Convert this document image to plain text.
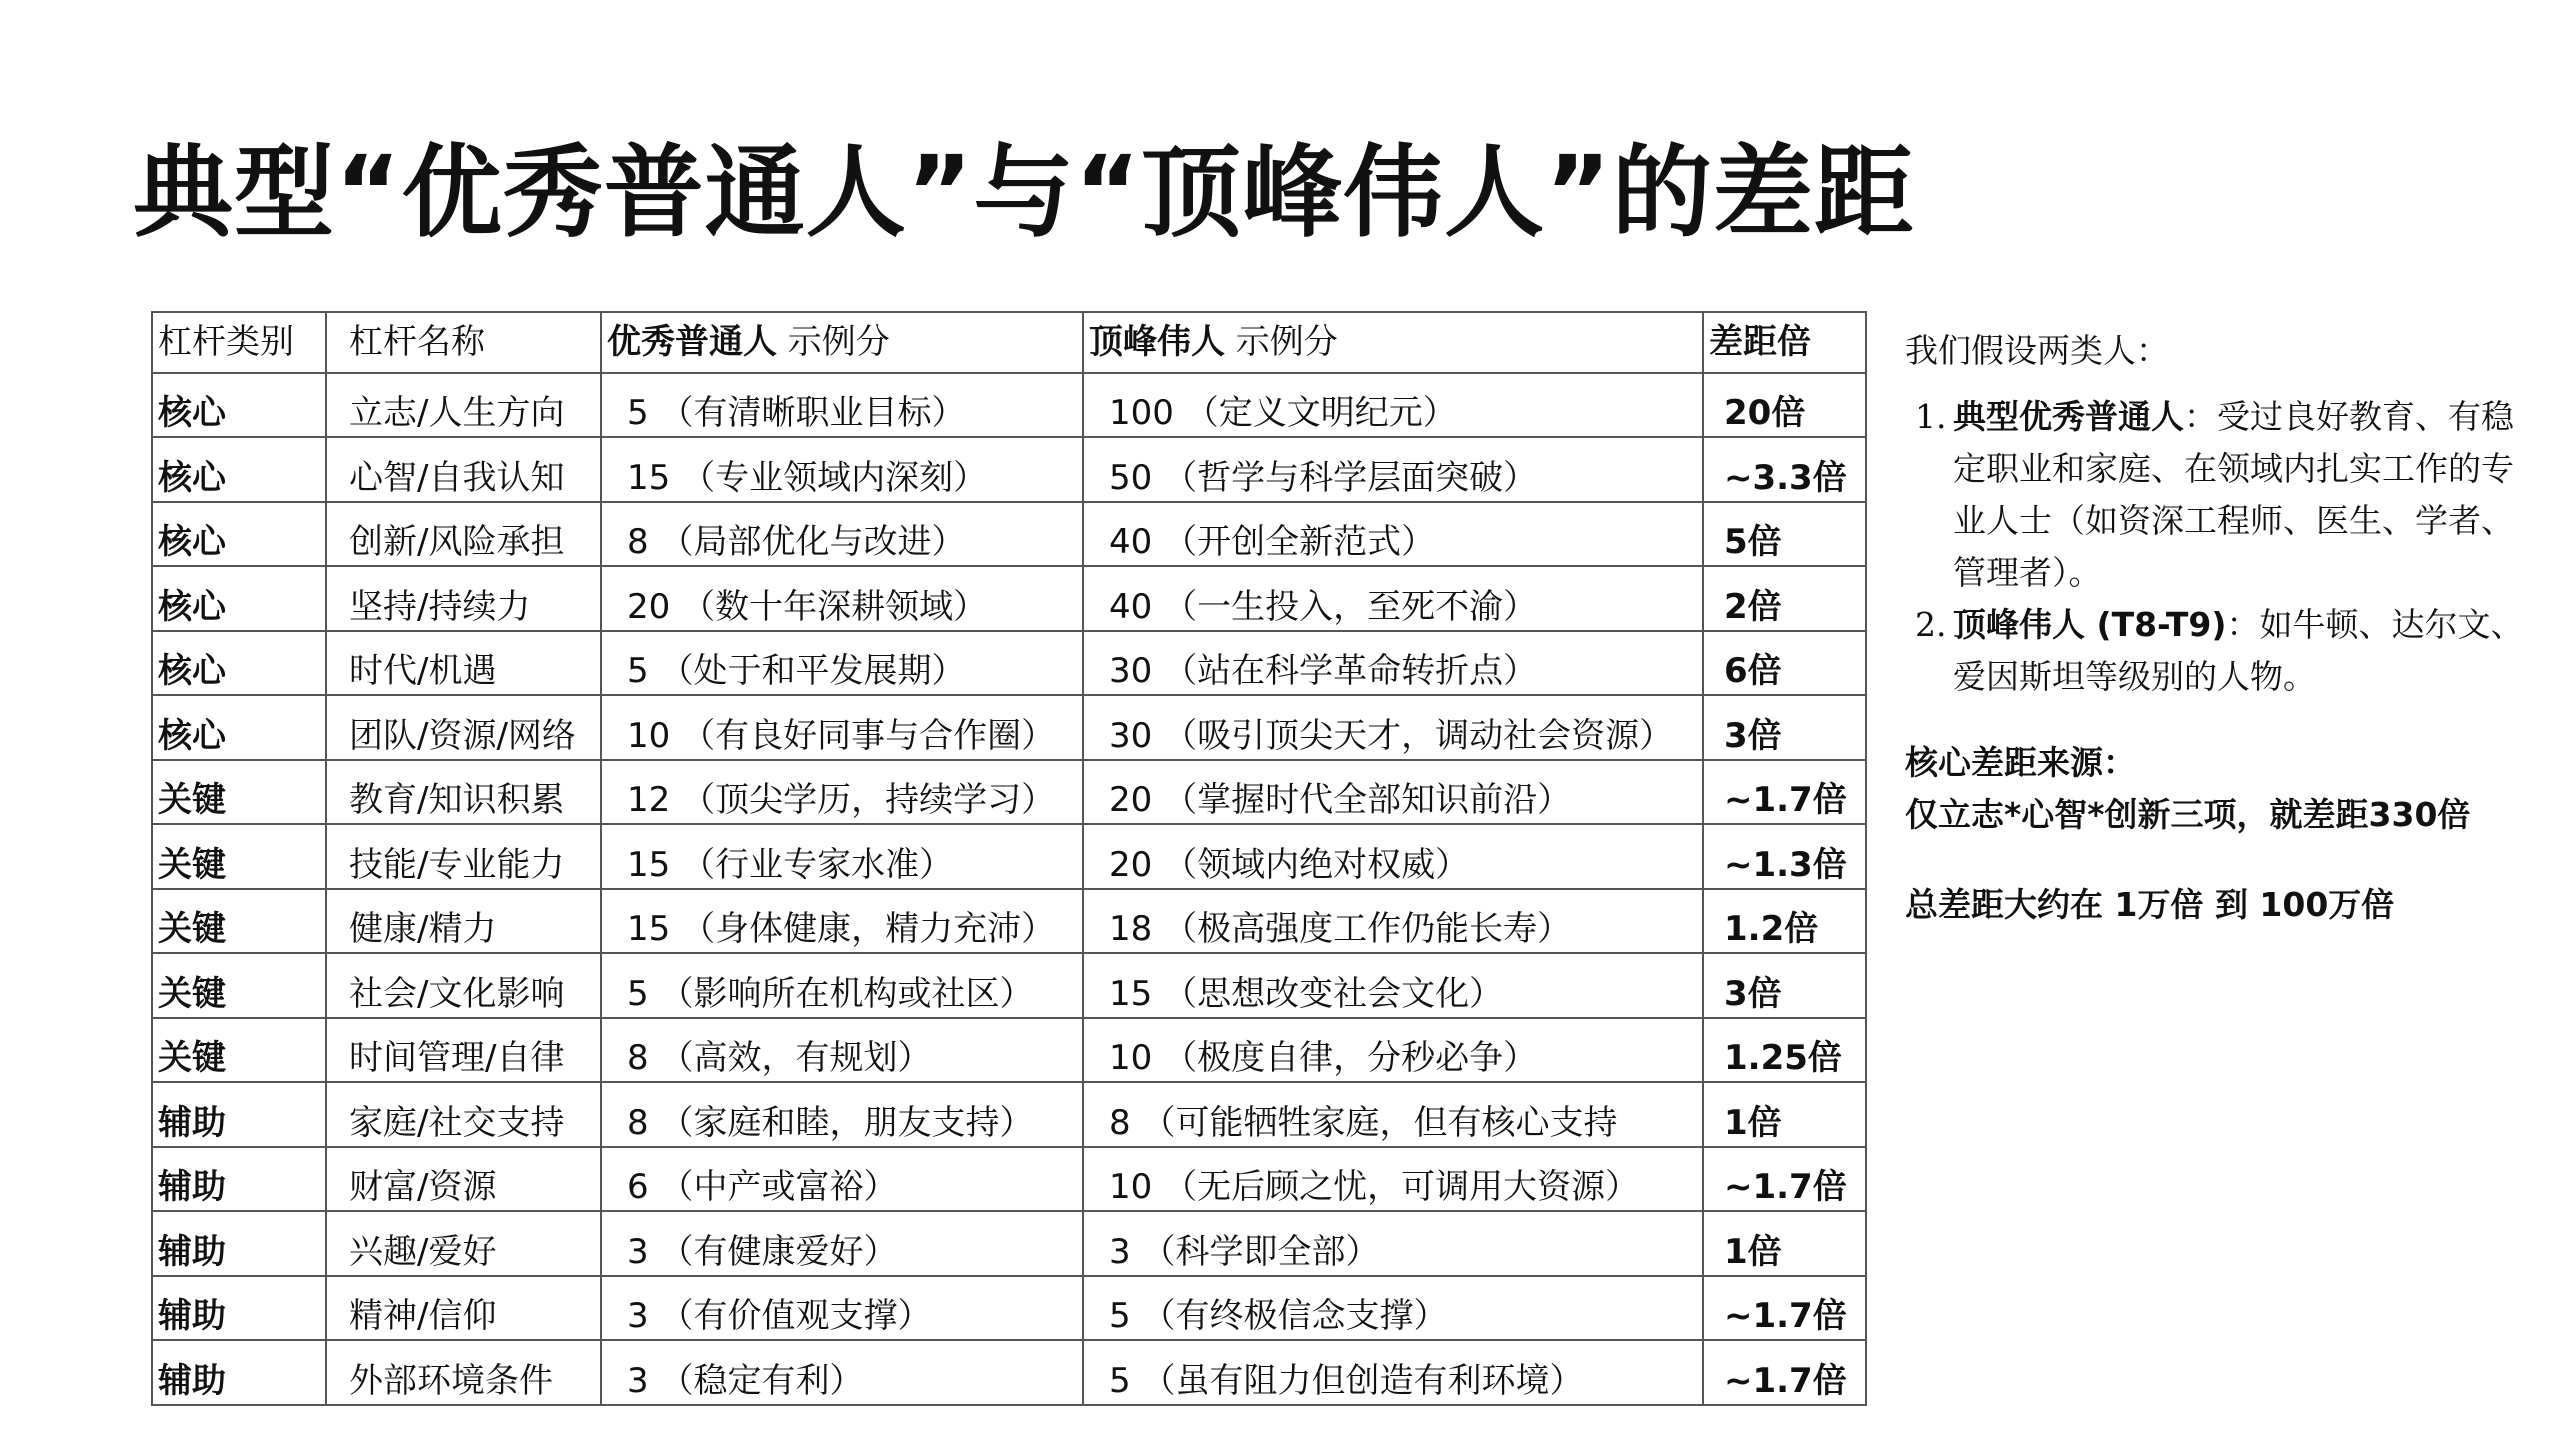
典型“优秀普通人”与“顶峰伟人”的差距
杠杆类别	杠杆名称	优秀普通人 示例分	顶峰伟人 示例分	差距倍
核心	立志/人生方向	5 （有清晰职业目标）	100 （定义文明纪元）	20倍
核心	心智/自我认知	15 （专业领域内深刻）	50 （哲学与科学层面突破）	~3.3倍
核心	创新/风险承担	8 （局部优化与改进）	40 （开创全新范式）	5倍
核心	坚持/持续力	20 （数十年深耕领域）	40 （一生投入，至死不渝）	2倍
核心	时代/机遇	5 （处于和平发展期）	30 （站在科学革命转折点）	6倍
核心	团队/资源/网络	10 （有良好同事与合作圈）	30 （吸引顶尖天才，调动社会资源）	3倍
关键	教育/知识积累	12 （顶尖学历，持续学习）	20 （掌握时代全部知识前沿）	~1.7倍
关键	技能/专业能力	15 （行业专家水准）	20 （领域内绝对权威）	~1.3倍
关键	健康/精力	15 （身体健康，精力充沛）	18 （极高强度工作仍能长寿）	1.2倍
关键	社会/文化影响	5 （影响所在机构或社区）	15 （思想改变社会文化）	3倍
关键	时间管理/自律	8 （高效，有规划）	10 （极度自律，分秒必争）	1.25倍
辅助	家庭/社交支持	8 （家庭和睦，朋友支持）	8 （可能牺牲家庭，但有核心支持	1倍
辅助	财富/资源	6 （中产或富裕）	10 （无后顾之忧，可调用大资源）	~1.7倍
辅助	兴趣/爱好	3 （有健康爱好）	3 （科学即全部）	1倍
辅助	精神/信仰	3 （有价值观支撑）	5 （有终极信念支撑）	~1.7倍
辅助	外部环境条件	3 （稳定有利）	5 （虽有阻力但创造有利环境）	~1.7倍
我们假设两类人：
1. 典型优秀普通人：受过良好教育、有稳定职业和家庭、在领域内扎实工作的专业人士（如资深工程师、医生、学者、管理者）。
2. 顶峰伟人 (T8-T9)：如牛顿、达尔文、爱因斯坦等级别的人物。
核心差距来源：
仅立志*心智*创新三项，就差距330倍
总差距大约在 1万倍 到 100万倍
